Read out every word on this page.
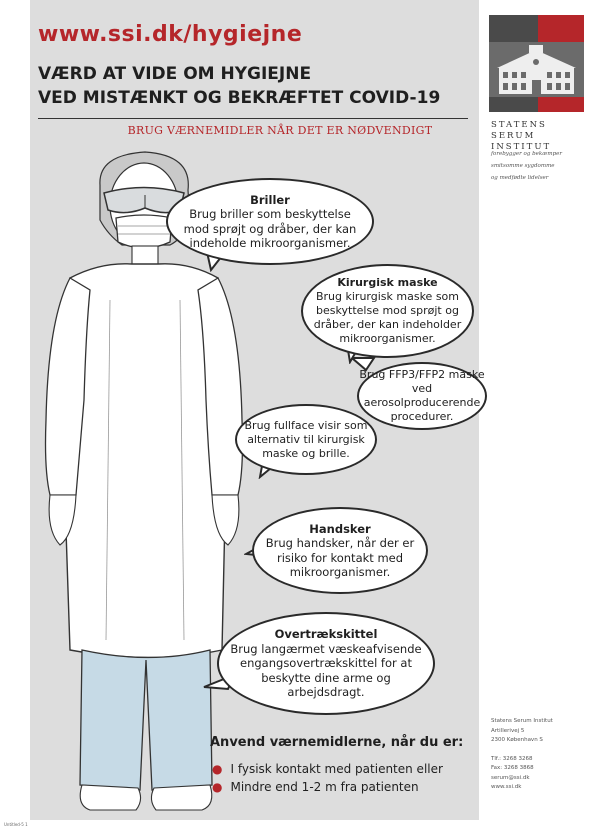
www.ssi.dk/hygiejne
VÆRD AT VIDE OM HYGIEJNE
VED MISTÆNKT OG BEKRÆFTET COVID-19
BRUG VÆRNEMIDLER NÅR DET ER NØDVENDIGT	STATENS
SERUM
INSTITUT
forebygger og bekæmper
smitsomme sygdomme
og medfødte lidelser
Briller
Brug briller som beskyttelse
mod sprøjt og dråber, der kan
indeholde mikroorganismer.
Kirurgisk maske
Brug kirurgisk maske som
beskyttelse mod sprøjt og
dråber, der kan indeholder
mikroorganismer.
Brug FFP3/FFP2 maske
ved aerosolproducerende
procedurer.
Brug fullface visir som
alternativ til kirurgisk
maske og brille.
Handsker
Brug handsker, når der er
risiko for kontakt med
mikroorganismer.
Overtrækskittel
Brug langærmet væskeafvisende
engangsovertrækskittel for at
beskytte dine arme og
arbejdsdragt.
Anvend værnemidlerne, når du er:
● I fysisk kontakt med patienten eller
● Mindre end 1-2 m fra patienten
Statens Serum Institut
Artillerivej 5
2300 København S
Tlf.: 3268 3268
Fax: 3268 3868
serum@ssi.dk
www.ssi.dk
Untitled-5 1
